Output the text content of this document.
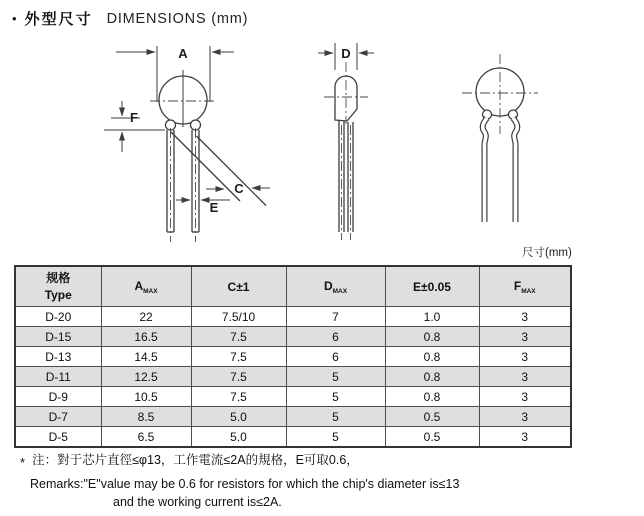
• 外型尺寸 DIMENSIONS (mm)
A
F
C
E
D
尺寸(mm)
规格
Type	$A_{MAX}$	C±1	$D_{MAX}$	E±0.05	$F_{MAX}$
D-20	22	7.5/10	7	1.0	3
D-15	16.5	7.5	6	0.8	3
D-13	14.5	7.5	6	0.8	3
D-11	12.5	7.5	5	0.8	3
D-9	10.5	7.5	5	0.8	3
D-7	8.5	5.0	5	0.5	3
D-5	6.5	5.0	5	0.5	3
* 注：對于芯片直徑≤φ13，工作電流≤2A的規格，E可取0.6，
Remarks:"E"value may be 0.6 for resistors for which the chip's diameter is≤13
and the working current is≤2A.
